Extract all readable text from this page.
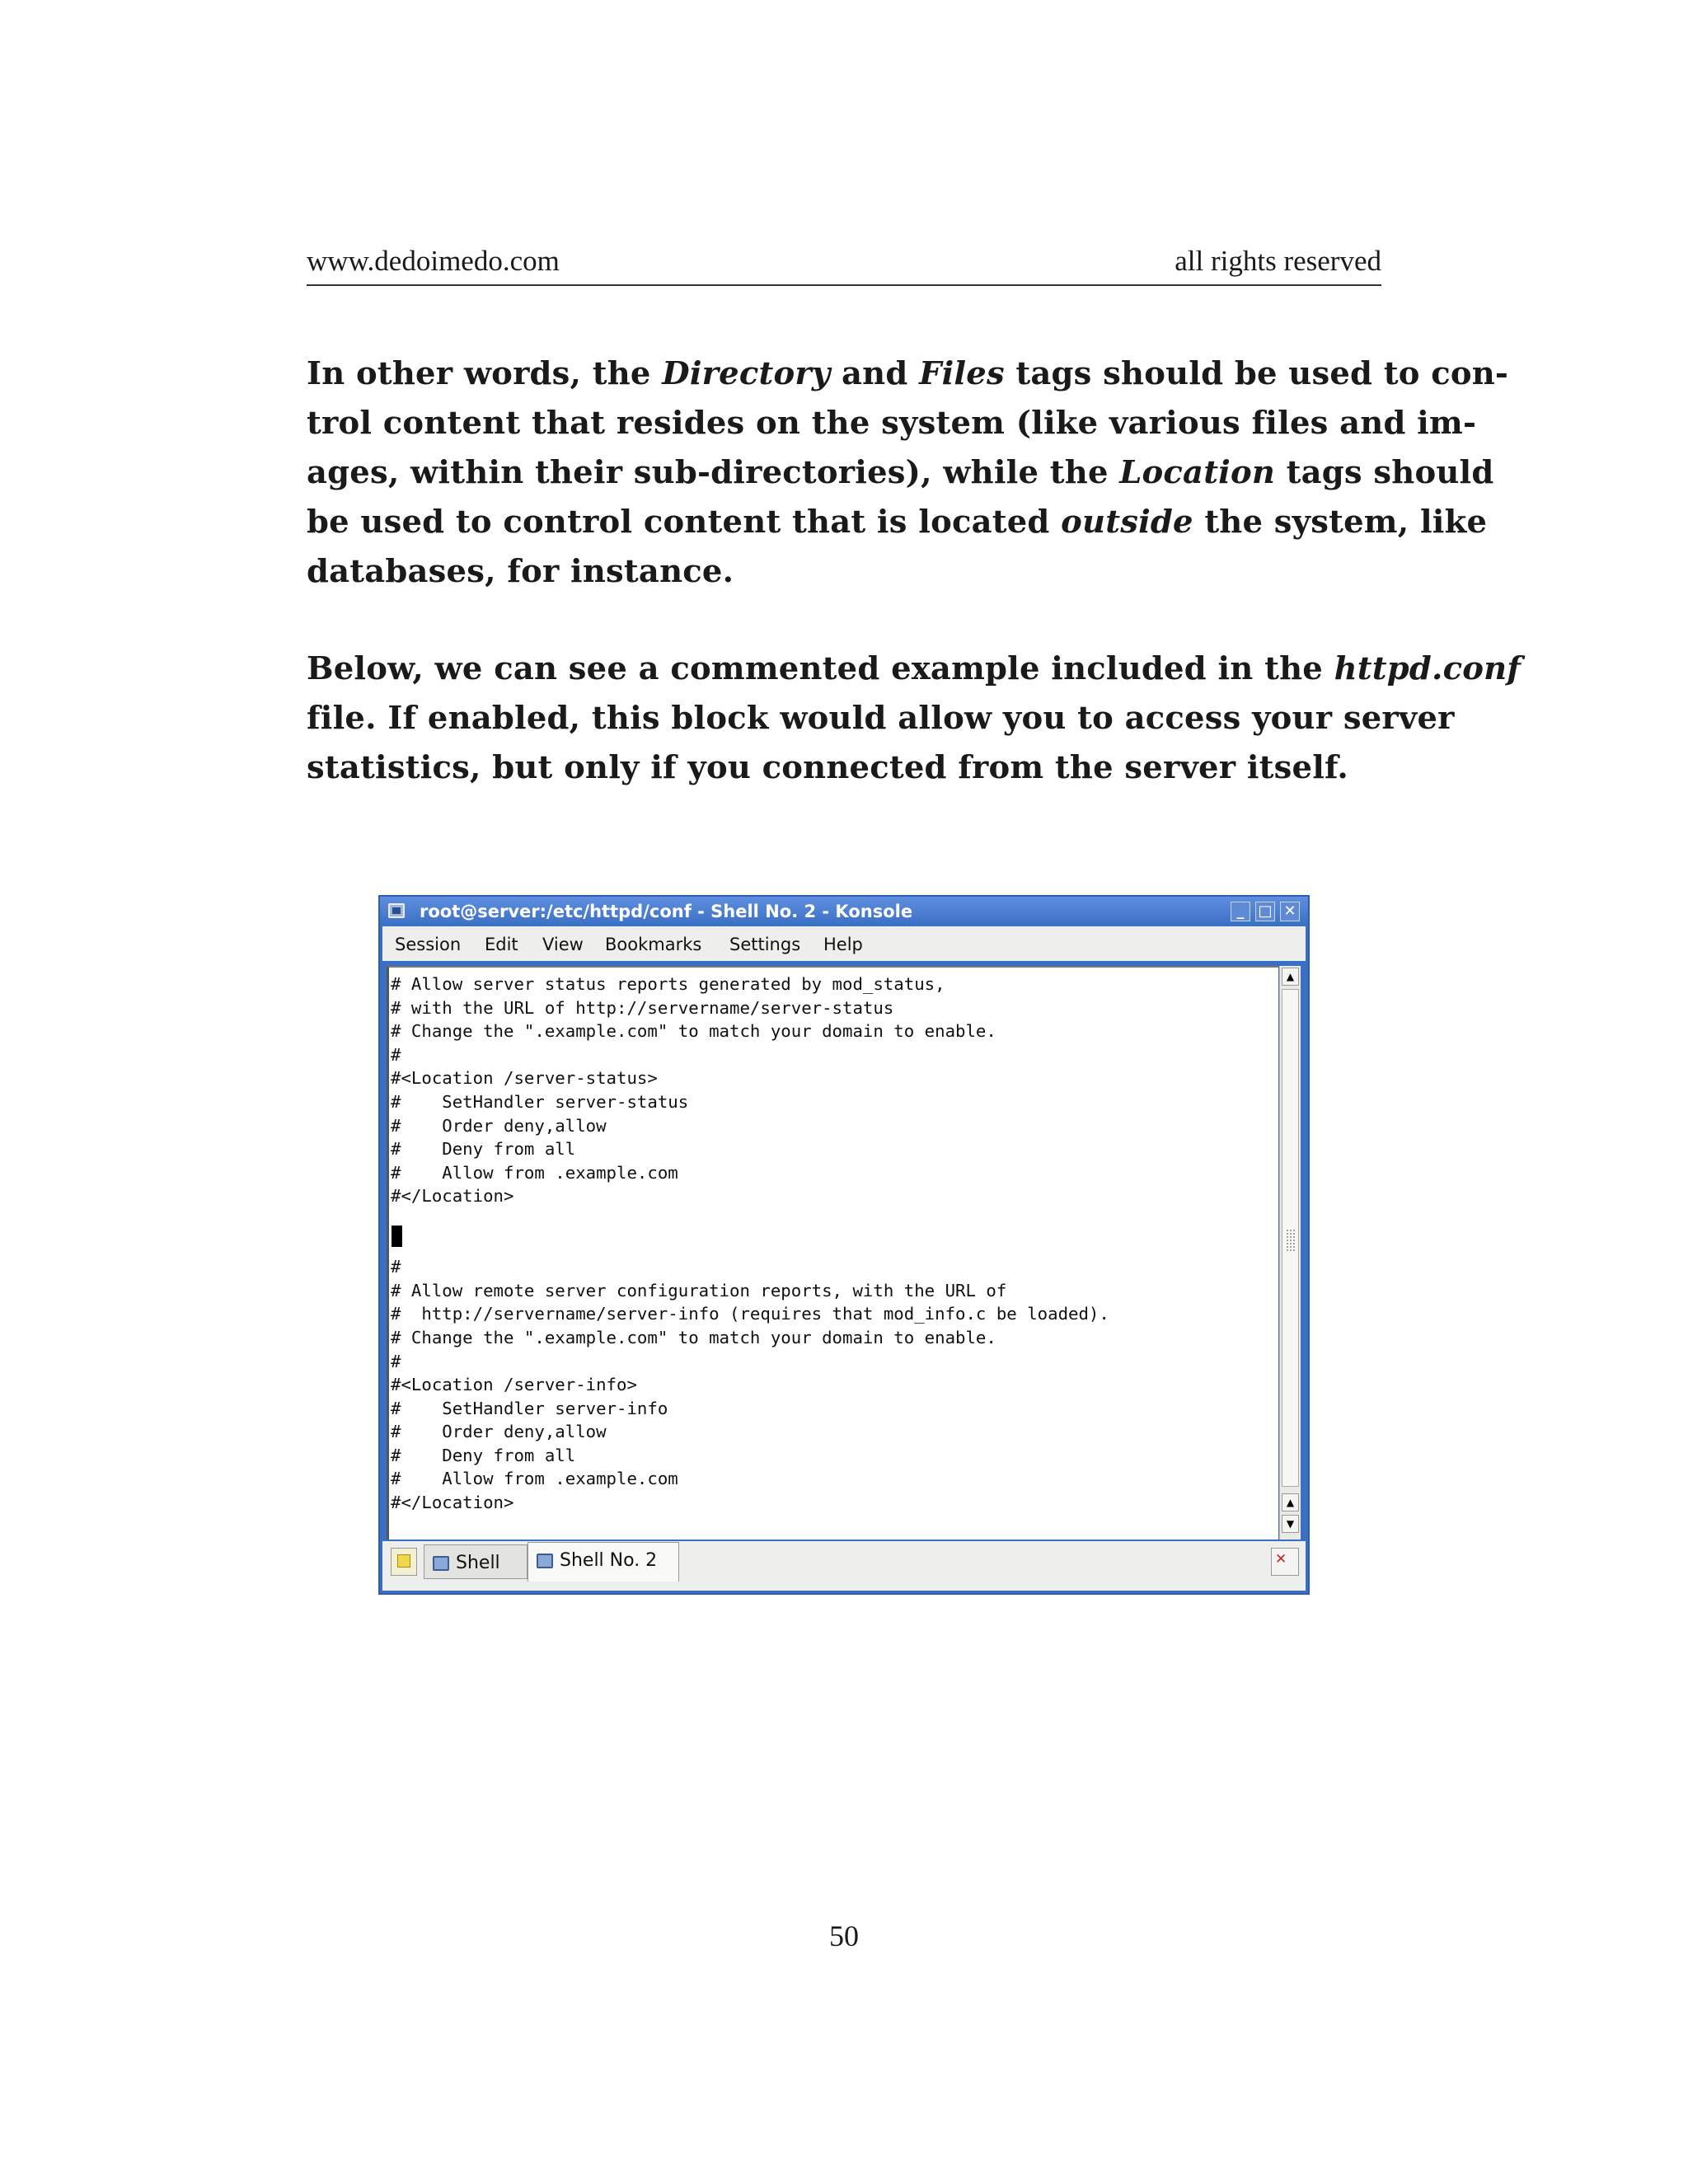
www.dedoimedo.com	all rights reserved
In other words, the Directory and Files tags should be used to con-
trol content that resides on the system (like various files and im-
ages, within their sub-directories), while the Location tags should
be used to control content that is located outside the system, like
databases, for instance.
Below, we can see a commented example included in the httpd.conf
file. If enabled, this block would allow you to access your server
statistics, but only if you connected from the server itself.
root@server:/etc/httpd/conf - Shell No. 2 - Konsole	_ □ ✕
Session Edit View Bookmarks Settings Help
# Allow server status reports generated by mod_status,
# with the URL of http://servername/server-status
# Change the ".example.com" to match your domain to enable.
#
#<Location /server-status>
#    SetHandler server-status
#    Order deny,allow
#    Deny from all
#    Allow from .example.com
#</Location>

#
# Allow remote server configuration reports, with the URL of
#  http://servername/server-info (requires that mod_info.c be loaded).
# Change the ".example.com" to match your domain to enable.
#
#<Location /server-info>
#    SetHandler server-info
#    Order deny,allow
#    Deny from all
#    Allow from .example.com
#</Location>
▲
▲
▼
Shell	Shell No. 2
✕
50
